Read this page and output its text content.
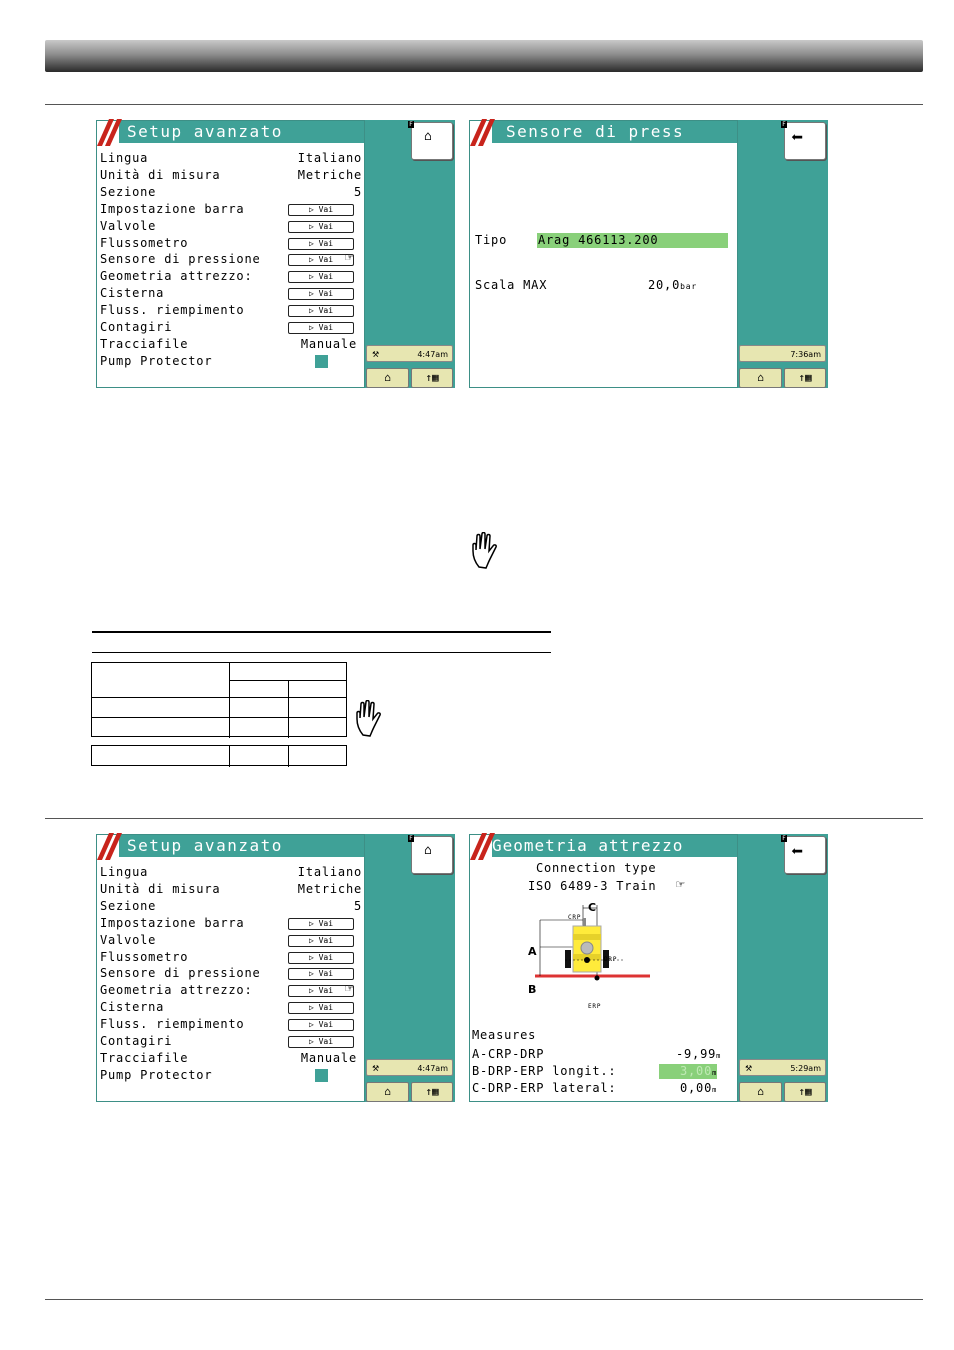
Setup avanzato
Lingua	Italiano
Unità di misura	Metriche
Sezione	5
Impostazione barra	▷ Vai
Valvole	▷ Vai
Flussometro	▷ Vai
Sensore di pressione	▷ Vai ☞
Geometria attrezzo:	▷ Vai
Cisterna	▷ Vai
Fluss. riempimento	▷ Vai
Contagiri	▷ Vai
Tracciafile	Manuale
Pump Protector
F
⌂
⚒	4:47am
⌂	↑▦
Sensore di press
Tipo	Arag 466113.200
Scala MAX	20,0bar
F
⬅
7:36am
⌂	↑▦
Setup avanzato
Lingua	Italiano
Unità di misura	Metriche
Sezione	5
Impostazione barra	▷ Vai
Valvole	▷ Vai
Flussometro	▷ Vai
Sensore di pressione	▷ Vai
Geometria attrezzo:	▷ Vai ☞
Cisterna	▷ Vai
Fluss. riempimento	▷ Vai
Contagiri	▷ Vai
Tracciafile	Manuale
Pump Protector
F
⌂
⚒	4:47am
⌂	↑▦
Geometria attrezzo
Connection type
ISO 6489-3 Train ☞
C
CRP
A
DRP
B
ERP
Measures
A-CRP-DRP	-9,99m
B-DRP-ERP longit.:	3,00m
C-DRP-ERP lateral:	0,00m
F
⬅
⚒	5:29am
⌂	↑▦
